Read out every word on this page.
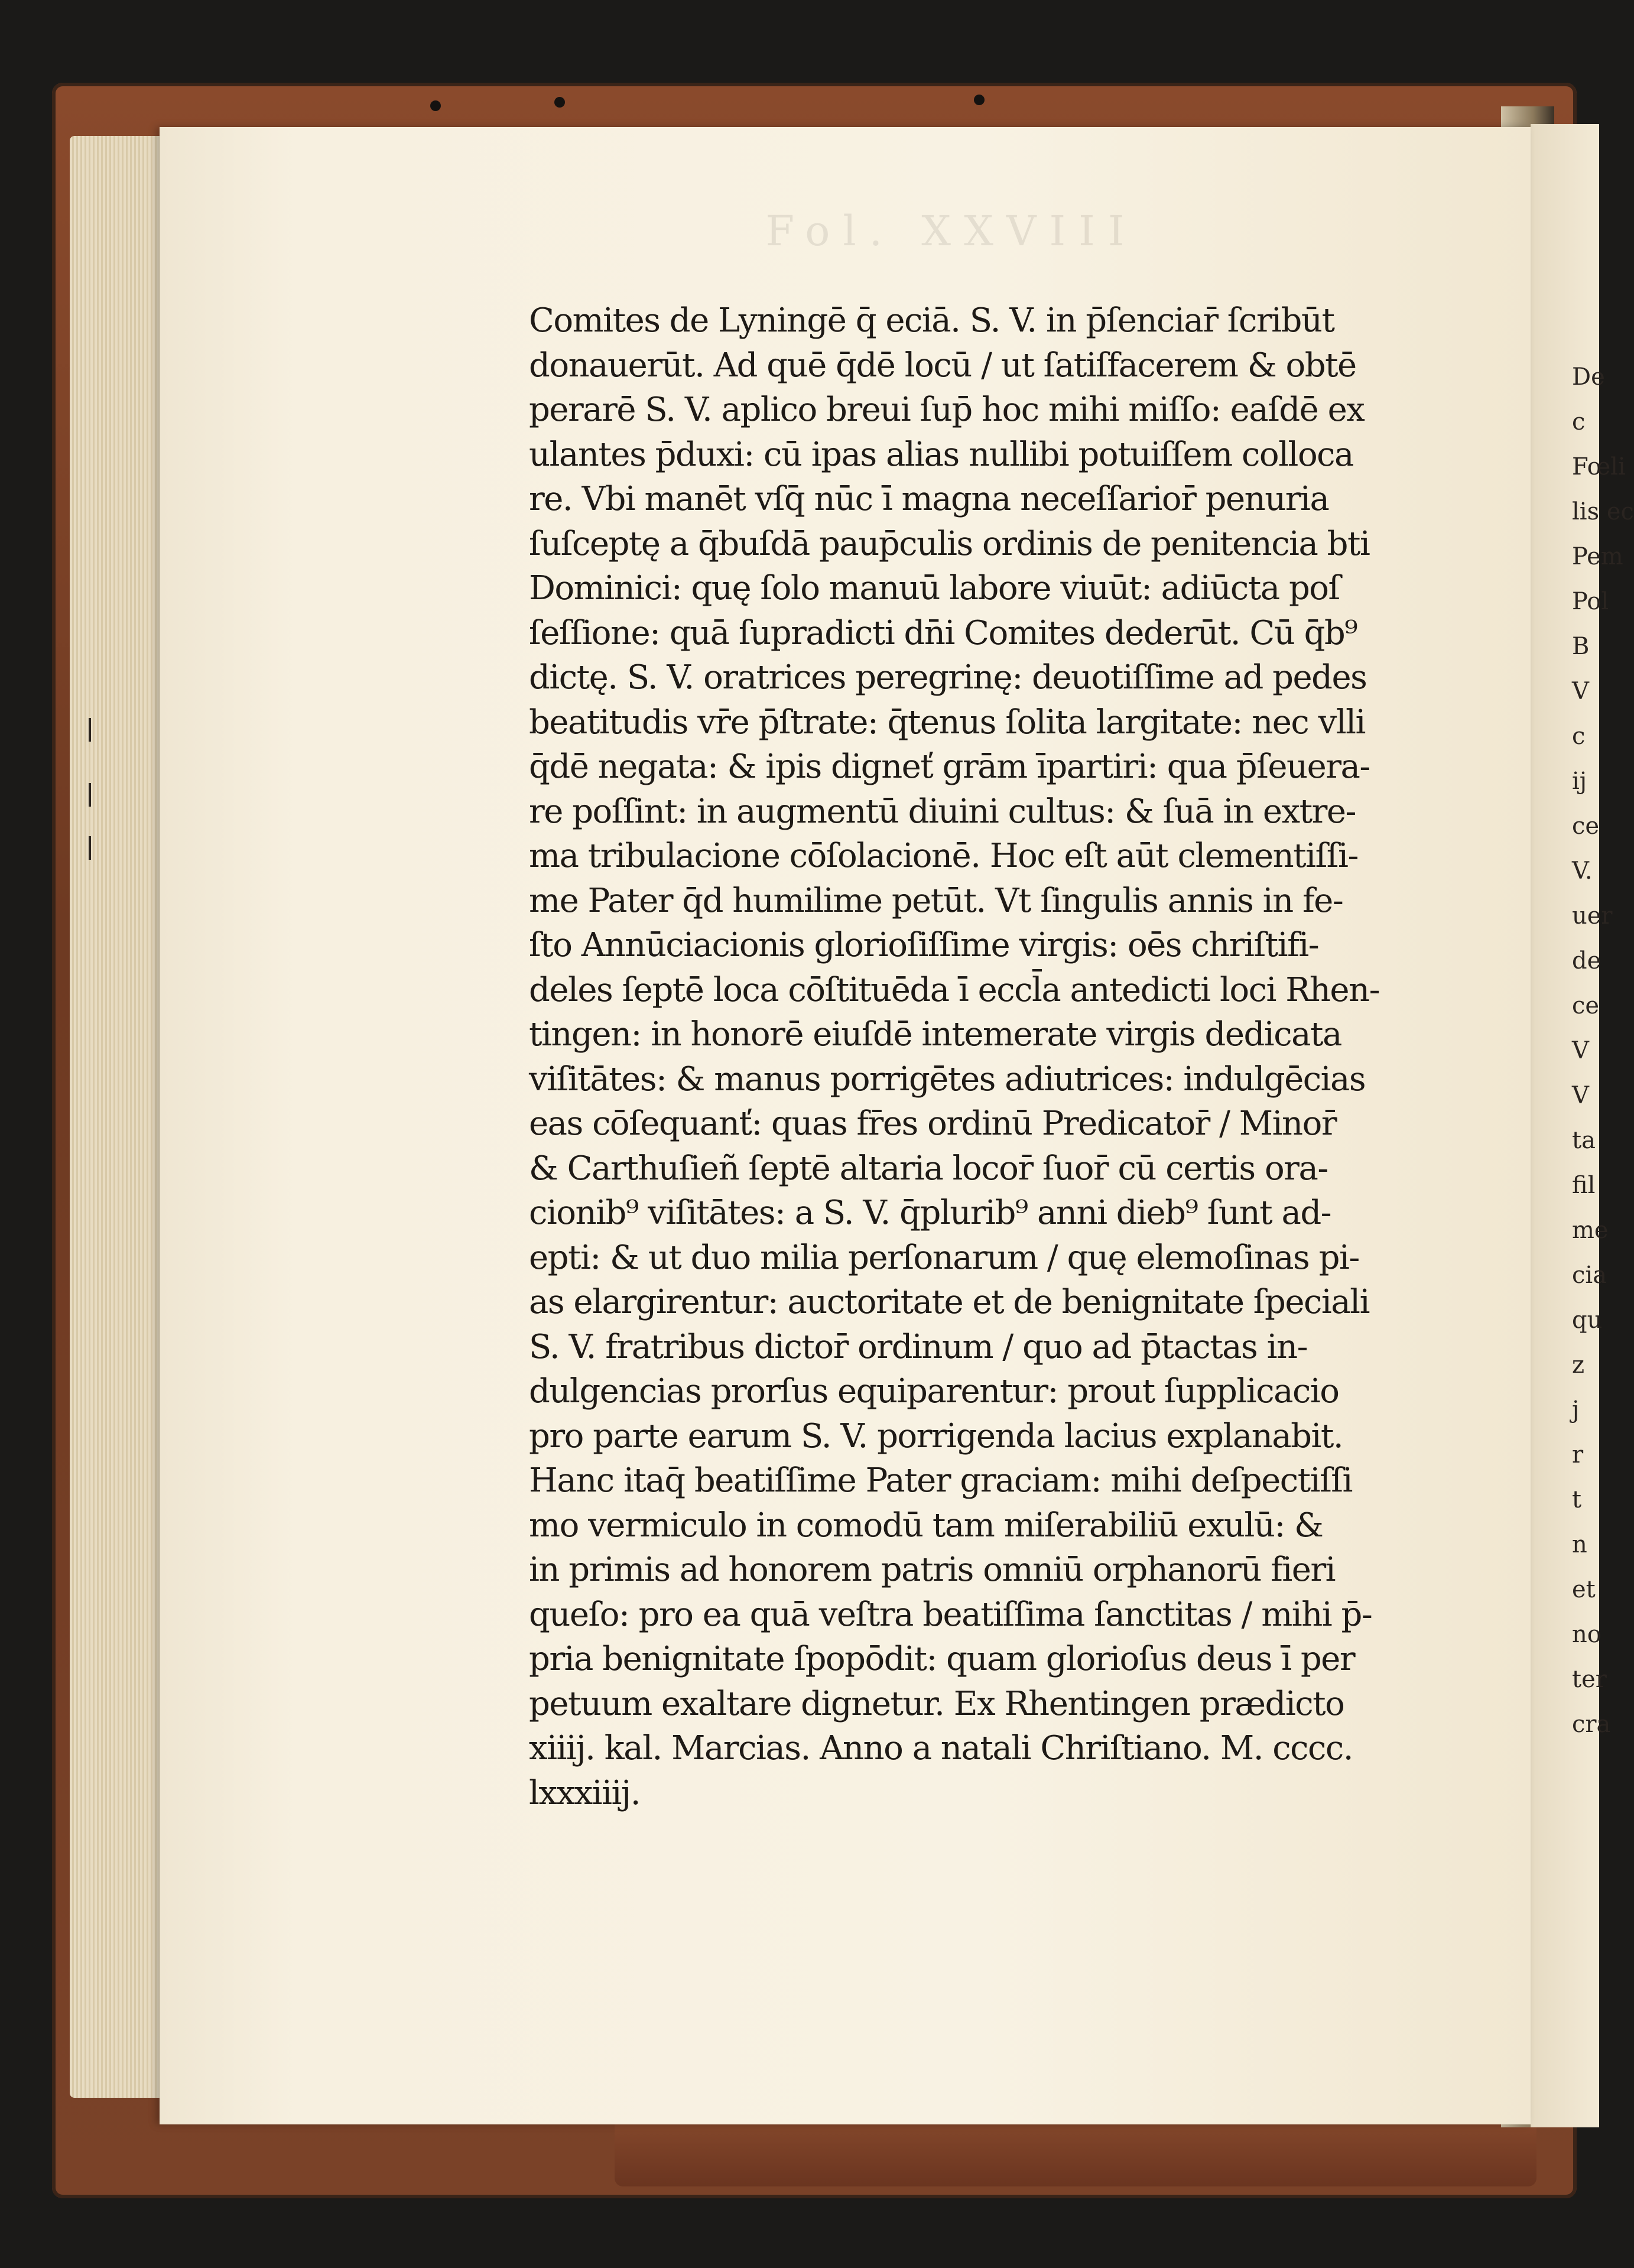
De
c
Fœli
lis ec
Pem
Pol
B
V
c
ij
ce
V.
uer
de
ce
V
V
ta
fil
me
cia
qu
z
j
r
t
n
et
no
ter
cra
Fol. XXVIII
Comites de Lyningē q̄ eciā. S. V. in p̄ſenciar̄ ſcribūt
donauerūt. Ad quē q̄dē locū / ut ſatiſfacerem & obtē
perarē S. V. aplico breui ſup̄ hoc mihi miſſo: eaſdē ex
ulantes p̄duxi: cū ipas alias nullibi potuiſſem colloca
re. Vbi manēt vſq̄ nūc ī magna neceſſarior̄ penuria
ſuſceptę a q̄buſdā paup̄culis ordinis de penitencia bti
Dominici: quę ſolo manuū labore viuūt: adiūcta poſ
ſeſſione: quā ſupradicti dn̄i Comites dederūt. Cū q̄b⁹
dictę. S. V. oratrices peregrinę: deuotiſſime ad pedes
beatitudis vr̄e p̄ſtrate: q̄tenus ſolita largitate: nec vlli
q̄dē negata: & ipis digneť grām īpartiri: qua p̄ſeuera-
re poſſint: in augmentū diuini cultus: & ſuā in extre-
ma tribulacione cōſolacionē. Hoc eſt aūt clementiſſi-
me Pater q̄d humilime petūt. Vt ſingulis annis in fe-
ſto Annūciacionis glorioſiſſime virgis: oēs chriſtifi-
deles ſeptē loca cōſtituēda ī eccl̄a antedicti loci Rhen-
tingen: in honorē eiuſdē intemerate virgis dedicata
viſitātes: & manus porrigētes adiutrices: indulgēcias
eas cōſequanť: quas fr̄es ordinū Predicator̄ / Minor̄
& Carthuſieñ ſeptē altaria locor̄ ſuor̄ cū certis ora-
cionib⁹ viſitātes: a S. V. q̄plurib⁹ anni dieb⁹ ſunt ad-
epti: & ut duo milia perſonarum / quę elemoſinas pi-
as elargirentur: auctoritate et de benignitate ſpeciali
S. V. fratribus dictor̄ ordinum / quo ad p̄tactas in-
dulgencias prorſus equiparentur: prout ſupplicacio
pro parte earum S. V. porrigenda lacius explanabit.
Hanc itaq̄ beatiſſime Pater graciam: mihi deſpectiſſi
mo vermiculo in comodū tam miſerabiliū exulū: &
in primis ad honorem patris omniū orphanorū fieri
queſo: pro ea quā veſtra beatiſſima ſanctitas / mihi p̄-
pria benignitate ſpopōdit: quam glorioſus deus ī per
petuum exaltare dignetur. Ex Rhentingen prædicto
xiiij. kal. Marcias. Anno a natali Chriſtiano. M. cccc.
lxxxiiij.
